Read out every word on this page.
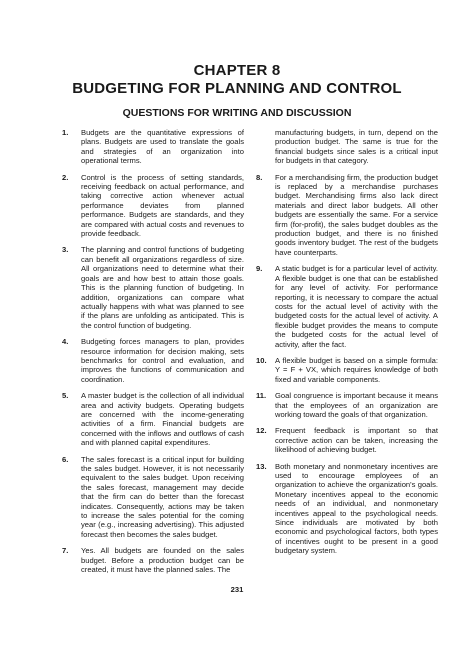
CHAPTER 8
BUDGETING FOR PLANNING AND CONTROL
QUESTIONS FOR WRITING AND DISCUSSION
1.	Budgets are the quantitative expressions of plans. Budgets are used to translate the goals and strategies of an organization into operational terms.
2.	Control is the process of setting standards, receiving feedback on actual performance, and taking corrective action whenever actual performance deviates from planned performance. Budgets are standards, and they are compared with actual costs and revenues to provide feedback.
3.	The planning and control functions of budgeting can benefit all organizations regardless of size. All organizations need to determine what their goals are and how best to attain those goals. This is the planning function of budgeting. In addition, organizations can compare what actually happens with what was planned to see if the plans are unfolding as anticipated. This is the control function of budgeting.
4.	Budgeting forces managers to plan, provides resource information for decision making, sets benchmarks for control and evaluation, and improves the functions of communication and coordination.
5.	A master budget is the collection of all individual area and activity budgets. Operating budgets are concerned with the income-generating activities of a firm. Financial budgets are concerned with the inflows and outflows of cash and with planned capital expenditures.
6.	The sales forecast is a critical input for building the sales budget. However, it is not necessarily equivalent to the sales budget. Upon receiving the sales forecast, management may decide that the firm can do better than the forecast indicates. Consequently, actions may be taken to increase the sales potential for the coming year (e.g., increasing advertising). This adjusted forecast then becomes the sales budget.
7.	Yes. All budgets are founded on the sales budget. Before a production budget can be created, it must have the planned sales. The
manufacturing budgets, in turn, depend on the production budget. The same is true for the financial budgets since sales is a critical input for budgets in that category.
8.	For a merchandising firm, the production budget is replaced by a merchandise purchases budget. Merchandising firms also lack direct materials and direct labor budgets. All other budgets are essentially the same. For a service firm (for-profit), the sales budget doubles as the production budget, and there is no finished goods inventory budget. The rest of the budgets have counterparts.
9.	A static budget is for a particular level of activity. A flexible budget is one that can be established for any level of activity. For performance reporting, it is necessary to compare the actual costs for the actual level of activity with the budgeted costs for the actual level of activity. A flexible budget provides the means to compute the budgeted costs for the actual level of activity, after the fact.
10.	A flexible budget is based on a simple formula: Y = F + VX, which requires knowledge of both fixed and variable components.
11.	Goal congruence is important because it means that the employees of an organization are working toward the goals of that organization.
12.	Frequent feedback is important so that corrective action can be taken, increasing the likelihood of achieving budget.
13.	Both monetary and nonmonetary incentives are used to encourage employees of an organization to achieve the organization's goals. Monetary incentives appeal to the economic needs of an individual, and nonmonetary incentives appeal to the psychological needs. Since individuals are motivated by both economic and psychological factors, both types of incentives ought to be present in a good budgetary system.
231
